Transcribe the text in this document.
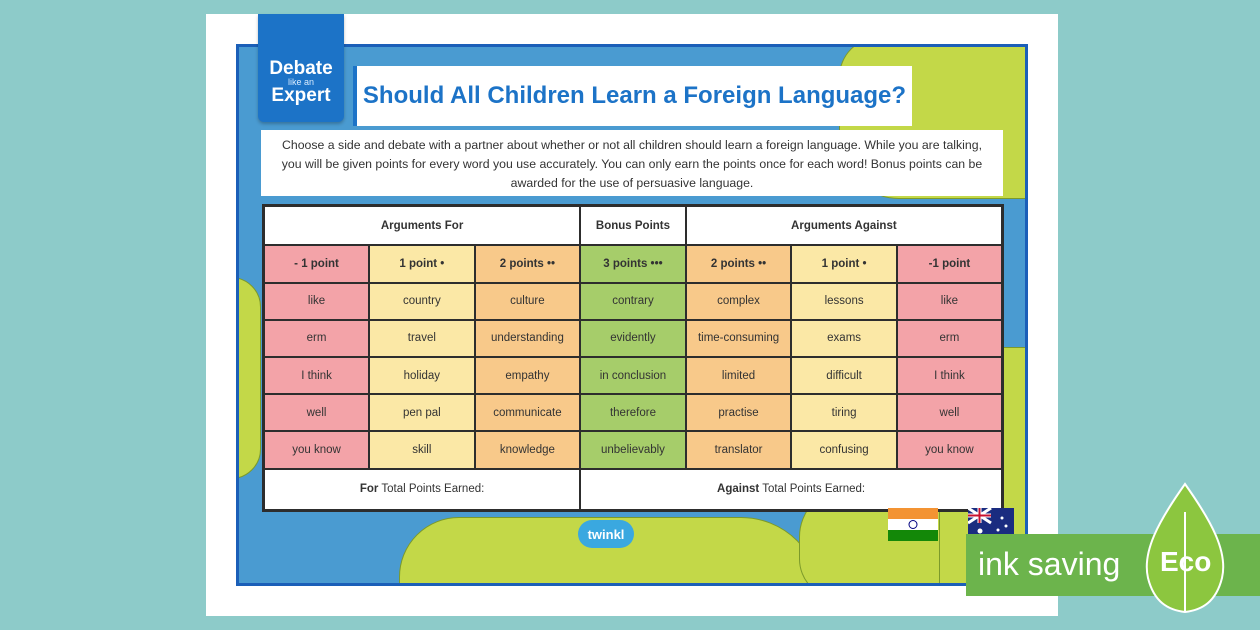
Debate
like an
Expert	Should All Children Learn a Foreign Language?
Choose a side and debate with a partner about whether or not all children should learn a foreign language. While you are talking, you will be given points for every word you use accurately. You can only earn the points once for each word! Bonus points can be awarded for the use of persuasive language.
Arguments For			Bonus Points	Arguments Against		
- 1 point	1 point •	2 points ••	3 points •••	2 points ••	1 point •	-1 point
like	country	culture	contrary	complex	lessons	like
erm	travel	understanding	evidently	time-consuming	exams	erm
I think	holiday	empathy	in conclusion	limited	difficult	I think
well	pen pal	communicate	therefore	practise	tiring	well
you know	skill	knowledge	unbelievably	translator	confusing	you know
For Total Points Earned:			Against Total Points Earned:			
twinkl
ink saving Eco
